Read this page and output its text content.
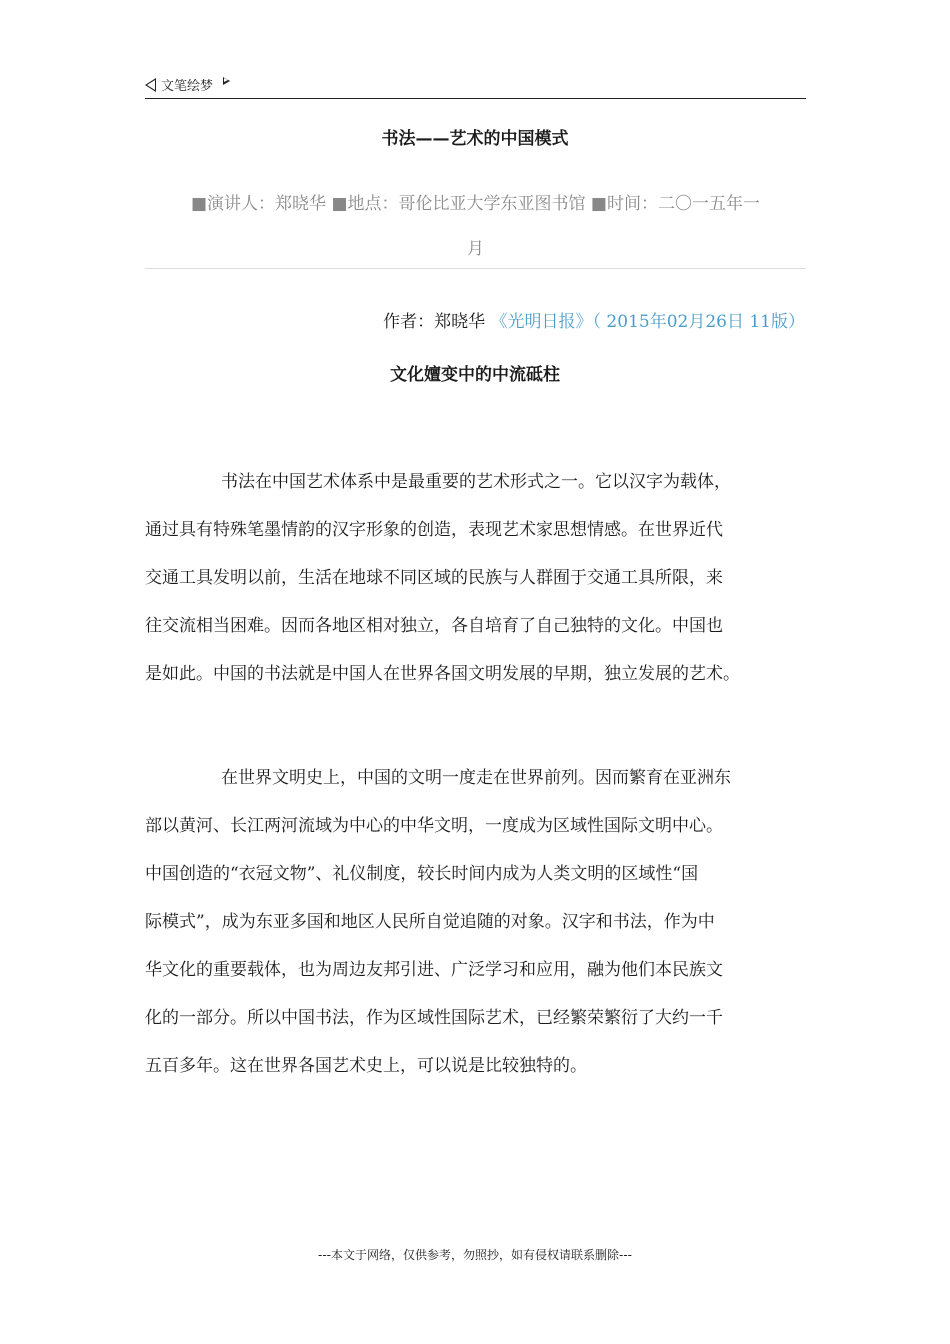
文笔绘梦
书法——艺术的中国模式
■演讲人：郑晓华 ■地点：哥伦比亚大学东亚图书馆 ■时间：二〇一五年一
月
作者：郑晓华 《光明日报》（ 2015年02月26日 11版）
文化嬗变中的中流砥柱
书法在中国艺术体系中是最重要的艺术形式之一。它以汉字为载体，
通过具有特殊笔墨情韵的汉字形象的创造，表现艺术家思想情感。在世界近代
交通工具发明以前，生活在地球不同区域的民族与人群囿于交通工具所限，来
往交流相当困难。因而各地区相对独立，各自培育了自己独特的文化。中国也
是如此。中国的书法就是中国人在世界各国文明发展的早期，独立发展的艺术。
在世界文明史上，中国的文明一度走在世界前列。因而繁育在亚洲东
部以黄河、长江两河流域为中心的中华文明，一度成为区域性国际文明中心。
中国创造的“衣冠文物”、礼仪制度，较长时间内成为人类文明的区域性“国
际模式”，成为东亚多国和地区人民所自觉追随的对象。汉字和书法，作为中
华文化的重要载体，也为周边友邦引进、广泛学习和应用，融为他们本民族文
化的一部分。所以中国书法，作为区域性国际艺术，已经繁荣繁衍了大约一千
五百多年。这在世界各国艺术史上，可以说是比较独特的。
---本文于网络，仅供参考，勿照抄，如有侵权请联系删除---
